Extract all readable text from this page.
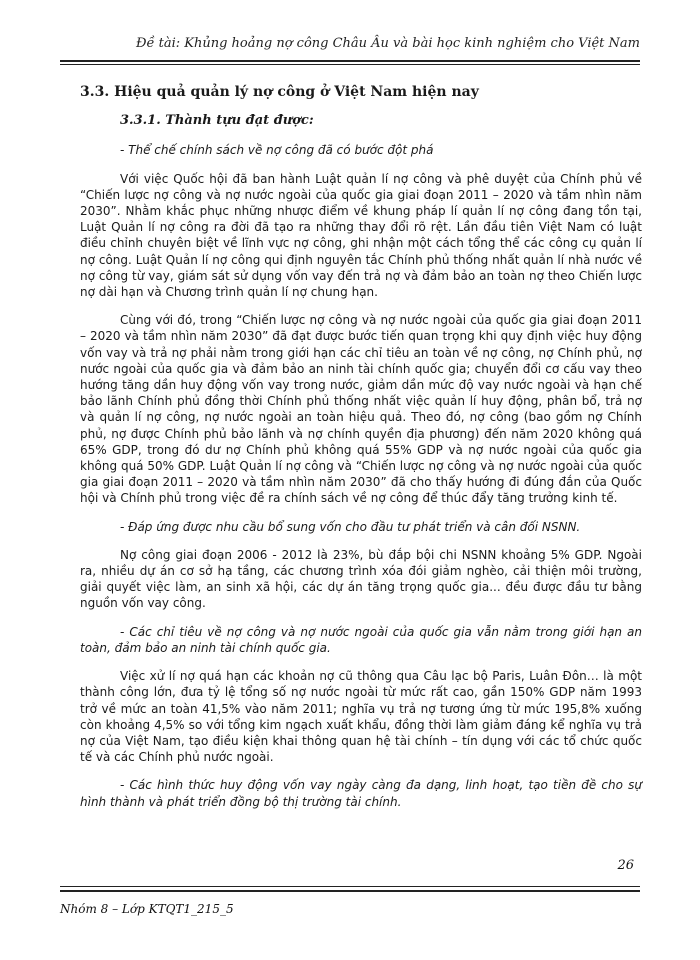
Đề tài: Khủng hoảng nợ công Châu Âu và bài học kinh nghiệm cho Việt Nam
3.3. Hiệu quả quản lý nợ công ở Việt Nam hiện nay
3.3.1. Thành tựu đạt được:
- Thể chế chính sách về nợ công đã có bước đột phá

Với việc Quốc hội đã ban hành Luật quản lí nợ công và phê duyệt của Chính phủ về “Chiến lược nợ công và nợ nước ngoài của quốc gia giai đoạn 2011 – 2020 và tầm nhìn năm 2030”. Nhằm khắc phục những nhược điểm về khung pháp lí quản lí nợ công đang tồn tại, Luật Quản lí nợ công ra đời đã tạo ra những thay đổi rõ rệt. Lần đầu tiên Việt Nam có luật điều chỉnh chuyên biệt về lĩnh vực nợ công, ghi nhận một cách tổng thể các công cụ quản lí nợ công. Luật Quản lí nợ công qui định nguyên tắc Chính phủ thống nhất quản lí nhà nước về nợ công từ vay, giám sát sử dụng vốn vay đến trả nợ và đảm bảo an toàn nợ theo Chiến lược nợ dài hạn và Chương trình quản lí nợ chung hạn.

Cùng với đó, trong “Chiến lược nợ công và nợ nước ngoài của quốc gia giai đoạn 2011 – 2020 và tầm nhìn năm 2030” đã đạt được bước tiến quan trọng khi quy định việc huy động vốn vay và trả nợ phải nằm trong giới hạn các chỉ tiêu an toàn về nợ công, nợ Chính phủ, nợ nước ngoài của quốc gia và đảm bảo an ninh tài chính quốc gia; chuyển đổi cơ cấu vay theo hướng tăng dần huy động vốn vay trong nước, giảm dần mức độ vay nước ngoài và hạn chế bảo lãnh Chính phủ đồng thời Chính phủ thống nhất việc quản lí huy động, phân bổ, trả nợ và quản lí nợ công, nợ nước ngoài an toàn hiệu quả. Theo đó, nợ công (bao gồm nợ Chính phủ, nợ được Chính phủ bảo lãnh và nợ chính quyền địa phương) đến năm 2020 không quá 65% GDP, trong đó dư nợ Chính phủ không quá 55% GDP và nợ nước ngoài của quốc gia không quá 50% GDP. Luật Quản lí nợ công và “Chiến lược nợ công và nợ nước ngoài của quốc gia giai đoạn 2011 – 2020 và tầm nhìn năm 2030” đã cho thấy hướng đi đúng đắn của Quốc hội và Chính phủ trong việc đề ra chính sách về nợ công để thúc đẩy tăng trưởng kinh tế.

- Đáp ứng được nhu cầu bổ sung vốn cho đầu tư phát triển và cân đối NSNN.

Nợ công giai đoạn 2006 - 2012 là 23%, bù đắp bội chi NSNN khoảng 5% GDP. Ngoài ra, nhiều dự án cơ sở hạ tầng, các chương trình xóa đói giảm nghèo, cải thiện môi trường, giải quyết việc làm, an sinh xã hội, các dự án tăng trọng quốc gia... đều được đầu tư bằng nguồn vốn vay công.

- Các chỉ tiêu về nợ công và nợ nước ngoài của quốc gia vẫn nằm trong giới hạn an toàn, đảm bảo an ninh tài chính quốc gia.

Việc xử lí nợ quá hạn các khoản nợ cũ thông qua Câu lạc bộ Paris, Luân Đôn… là một thành công lớn, đưa tỷ lệ tổng số nợ nước ngoài từ mức rất cao, gần 150% GDP năm 1993 trở về mức an toàn 41,5% vào năm 2011; nghĩa vụ trả nợ tương ứng từ mức 195,8% xuống còn khoảng 4,5% so với tổng kim ngạch xuất khẩu, đồng thời làm giảm đáng kể nghĩa vụ trả nợ của Việt Nam, tạo điều kiện khai thông quan hệ tài chính – tín dụng với các tổ chức quốc tế và các Chính phủ nước ngoài.

- Các hình thức huy động vốn vay ngày càng đa dạng, linh hoạt, tạo tiền đề cho sự hình thành và phát triển đồng bộ thị trường tài chính.
26
Nhóm 8 – Lớp KTQT1_215_5
